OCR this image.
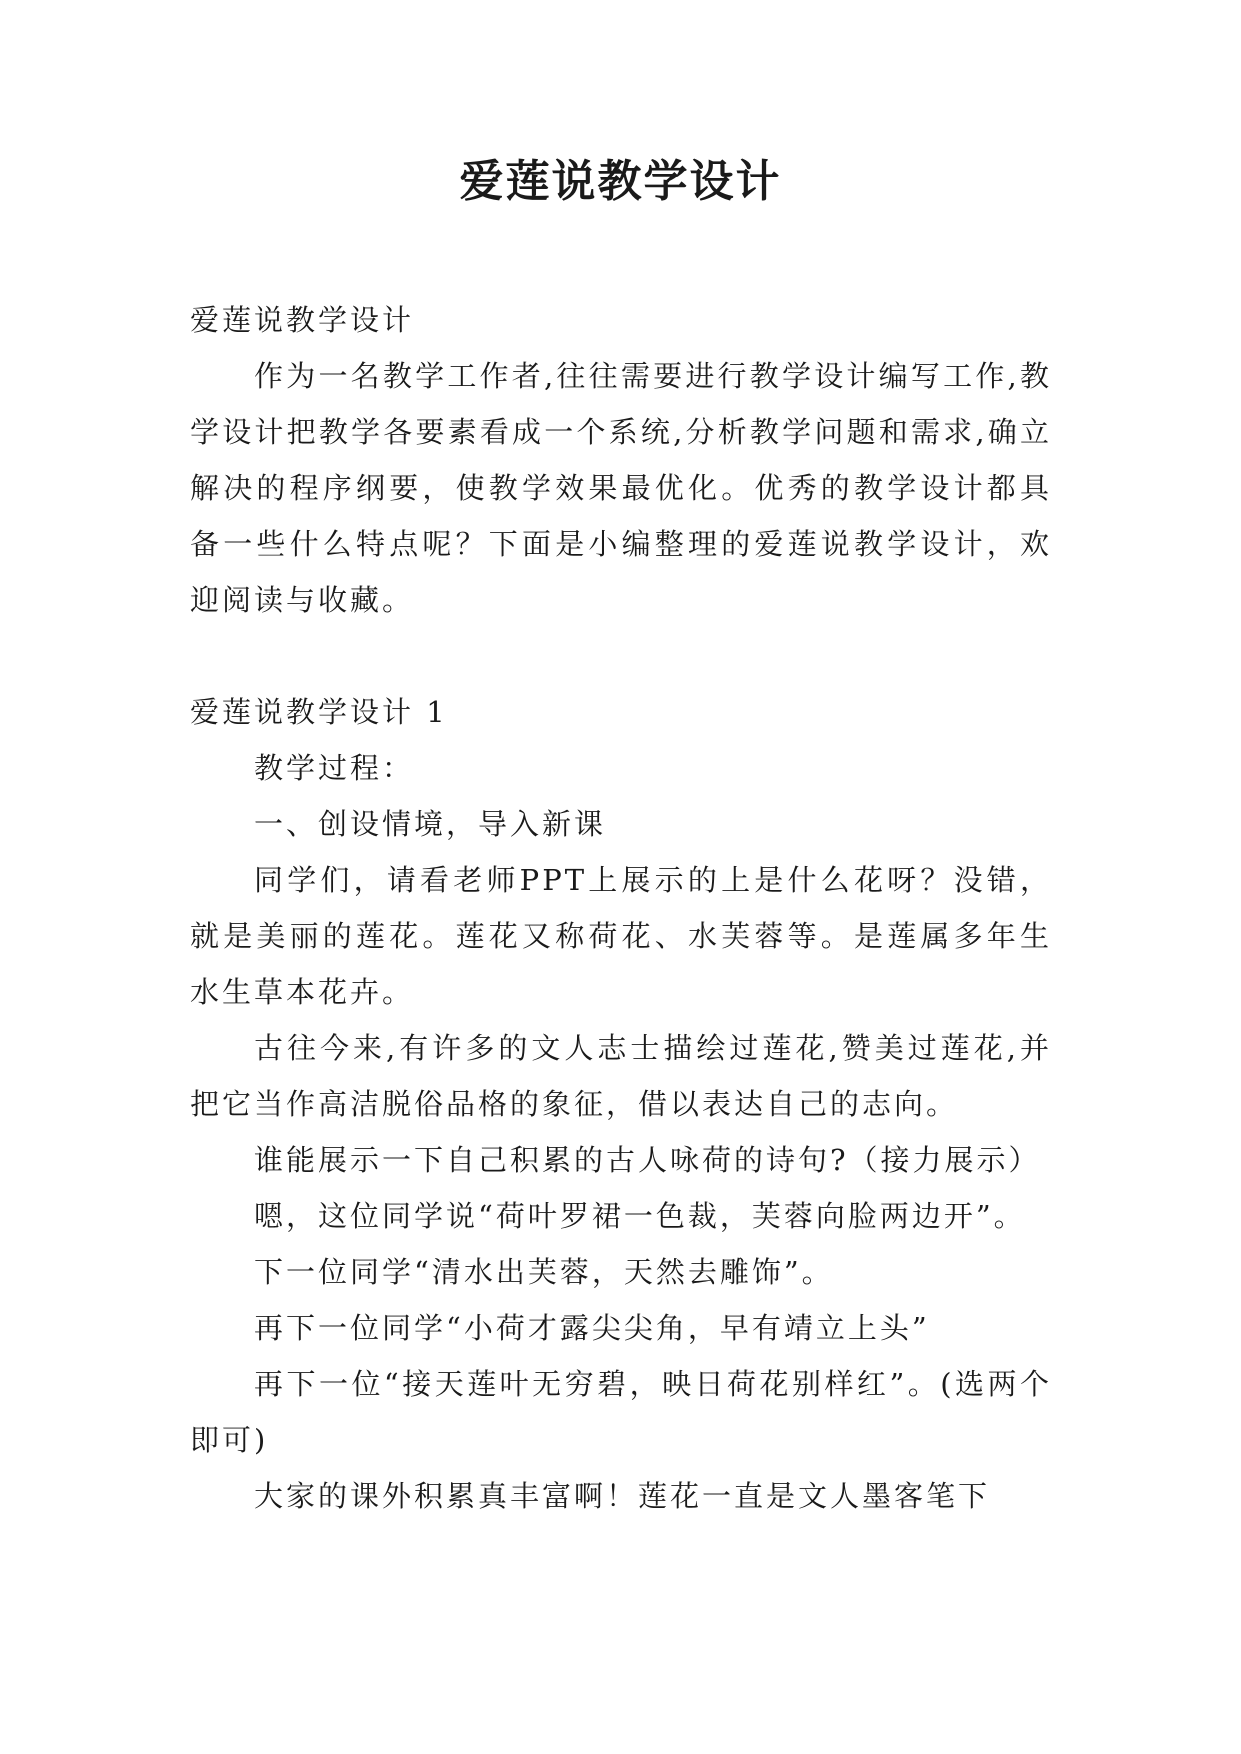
爱莲说教学设计

爱莲说教学设计

作为一名教学工作者,往往需要进行教学设计编写工作,教学设计把教学各要素看成一个系统,分析教学问题和需求,确立解决的程序纲要，使教学效果最优化。优秀的教学设计都具备一些什么特点呢？下面是小编整理的爱莲说教学设计，欢迎阅读与收藏。

爱莲说教学设计 1

教学过程：

一、创设情境，导入新课

同学们，请看老师PPT上展示的上是什么花呀？没错，就是美丽的莲花。莲花又称荷花、水芙蓉等。是莲属多年生水生草本花卉。

古往今来,有许多的文人志士描绘过莲花,赞美过莲花,并把它当作高洁脱俗品格的象征，借以表达自己的志向。

谁能展示一下自己积累的古人咏荷的诗句?（接力展示）

嗯，这位同学说“荷叶罗裙一色裁，芙蓉向脸两边开”。

下一位同学“清水出芙蓉，天然去雕饰”。

再下一位同学“小荷才露尖尖角，早有靖立上头”

再下一位“接天莲叶无穷碧，映日荷花别样红”。(选两个即可)

大家的课外积累真丰富啊！莲花一直是文人墨客笔下
